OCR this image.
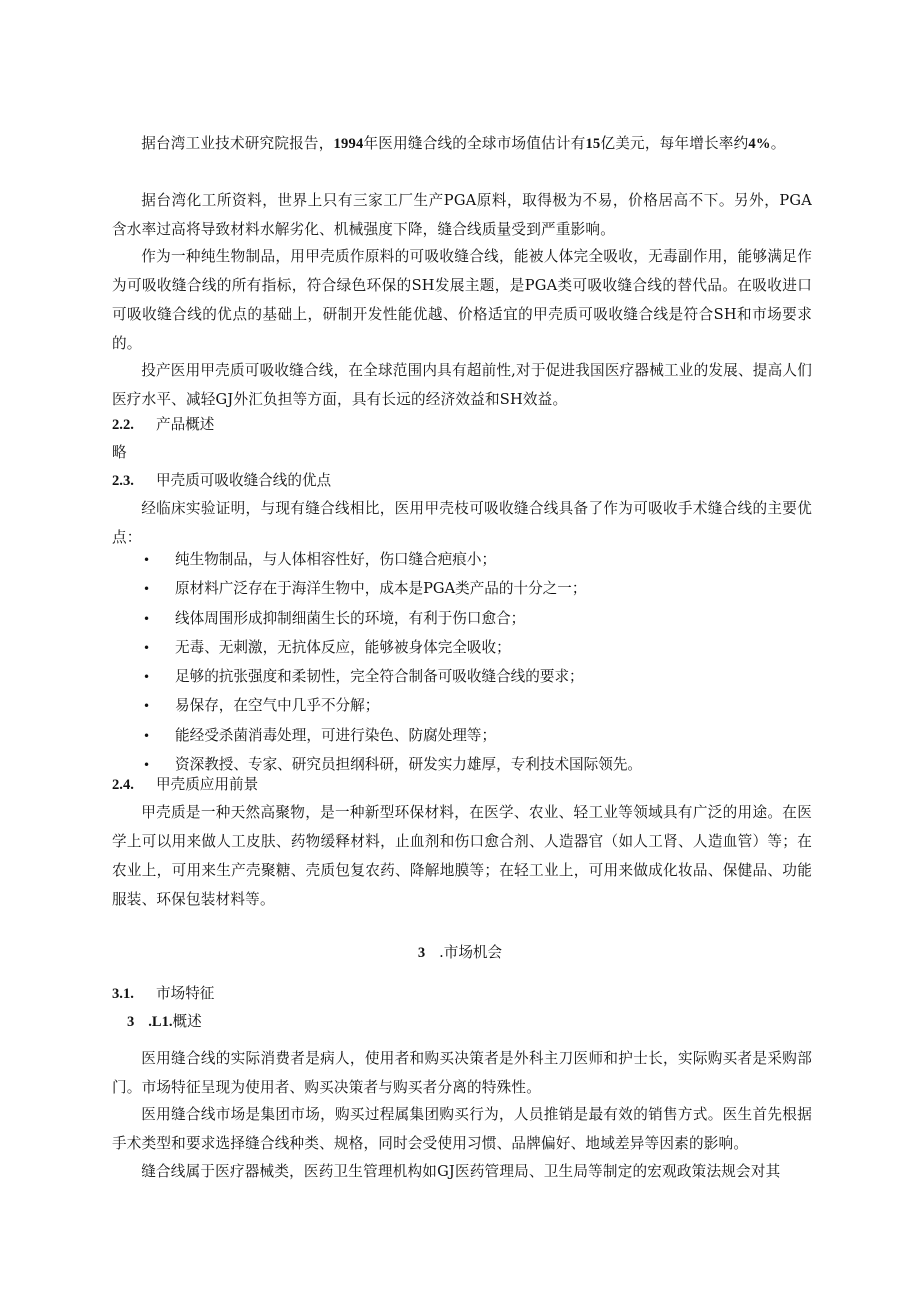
据台湾工业技术研究院报告，1994年医用缝合线的全球市场值估计有15亿美元，每年增长率约4%。

据台湾化工所资料，世界上只有三家工厂生产PGA原料，取得极为不易，价格居高不下。另外，PGA含水率过高将导致材料水解劣化、机械强度下降，缝合线质量受到严重影响。

作为一种纯生物制品，用甲壳质作原料的可吸收缝合线，能被人体完全吸收，无毒副作用，能够满足作为可吸收缝合线的所有指标，符合绿色环保的SH发展主题，是PGA类可吸收缝合线的替代品。在吸收进口可吸收缝合线的优点的基础上，研制开发性能优越、价格适宜的甲壳质可吸收缝合线是符合SH和市场要求的。

投产医用甲壳质可吸收缝合线，在全球范围内具有超前性,对于促进我国医疗器械工业的发展、提高人们医疗水平、减轻GJ外汇负担等方面，具有长远的经济效益和SH效益。

2.2. 产品概述
略
2.3. 甲壳质可吸收缝合线的优点

经临床实验证明，与现有缝合线相比，医用甲壳枝可吸收缝合线具备了作为可吸收手术缝合线的主要优点：

• 纯生物制品，与人体相容性好，伤口缝合疤痕小；
• 原材料广泛存在于海洋生物中，成本是PGA类产品的十分之一；
• 线体周围形成抑制细菌生长的环境，有利于伤口愈合；
• 无毒、无刺激，无抗体反应，能够被身体完全吸收；
• 足够的抗张强度和柔韧性，完全符合制备可吸收缝合线的要求；
• 易保存，在空气中几乎不分解；
• 能经受杀菌消毒处理，可进行染色、防腐处理等；
• 资深教授、专家、研究员担纲科研，研发实力雄厚，专利技术国际领先。
2.4. 甲壳质应用前景

甲壳质是一种天然高聚物，是一种新型环保材料，在医学、农业、轻工业等领域具有广泛的用途。在医学上可以用来做人工皮肤、药物缓释材料，止血剂和伤口愈合剂、人造器官（如人工肾、人造血管）等；在农业上，可用来生产壳聚糖、壳质包复农药、降解地膜等；在轻工业上，可用来做成化妆品、保健品、功能服装、环保包装材料等。

3 .市场机会
3.1. 市场特征
3 .L1.概述

医用缝合线的实际消费者是病人，使用者和购买决策者是外科主刀医师和护士长，实际购买者是采购部门。市场特征呈现为使用者、购买决策者与购买者分离的特殊性。

医用缝合线市场是集团市场，购买过程属集团购买行为，人员推销是最有效的销售方式。医生首先根据手术类型和要求选择缝合线种类、规格，同时会受使用习惯、品牌偏好、地域差异等因素的影响。

缝合线属于医疗器械类，医药卫生管理机构如GJ医药管理局、卫生局等制定的宏观政策法规会对其
